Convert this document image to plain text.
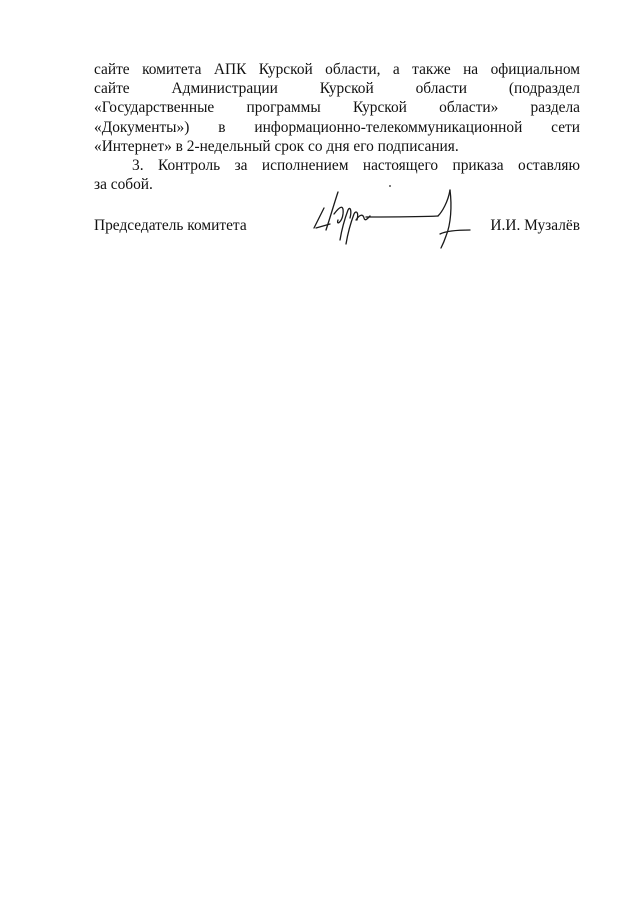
сайте комитета АПК Курской области, а также на официальном
сайте Администрации Курской области (подраздел
«Государственные программы Курской области» раздела
«Документы») в информационно-телекоммуникационной сети
«Интернет» в 2-недельный срок со дня его подписания.
3. Контроль за исполнением настоящего приказа оставляю
за собой.
Председатель комитета	И.И. Музалёв
